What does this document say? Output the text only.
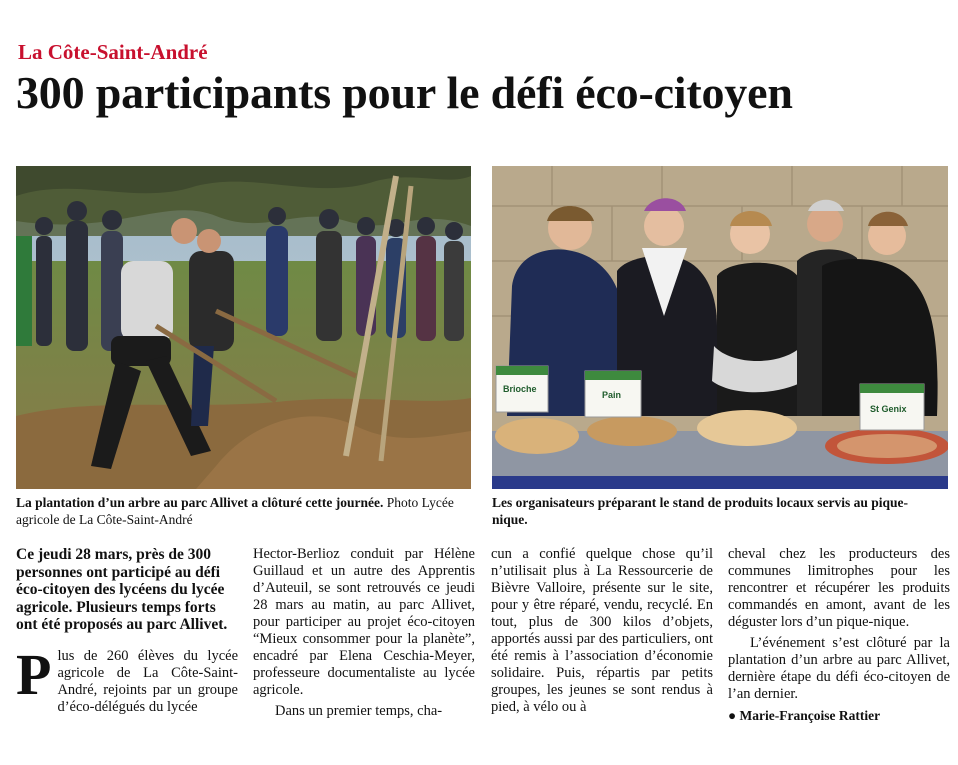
La Côte-Saint-André
300 participants pour le défi éco-citoyen
Brioche
Pain
St Genix
La plantation d’un arbre au parc Allivet a clôturé cette journée. Photo Lycée agricole de La Côte-Saint-André
Les organisateurs préparant le stand de produits locaux servis au pique-nique.

Ce jeudi 28 mars, près de 300 personnes ont participé au défi éco-citoyen des lycéens du lycée agricole. Plusieurs temps forts ont été proposés au parc Allivet.

Plus de 260 élèves du lycée agricole de La Côte-Saint-André, rejoints par un groupe d’éco-délégués du lycée

Hector-Berlioz conduit par Hélène Guillaud et un autre des Apprentis d’Auteuil, se sont retrouvés ce jeudi 28 mars au matin, au parc Allivet, pour participer au projet éco-citoyen “Mieux consommer pour la planète”, encadré par Elena Ceschia-Meyer, professeure documentaliste au lycée agricole.

Dans un premier temps, cha-

cun a confié quelque chose qu’il n’utilisait plus à La Ressourcerie de Bièvre Valloire, présente sur le site, pour y être réparé, vendu, recyclé. En tout, plus de 300 kilos d’objets, apportés aussi par des particuliers, ont été remis à l’association d’économie solidaire. Puis, répartis par petits groupes, les jeunes se sont rendus à pied, à vélo ou à

cheval chez les producteurs des communes limitrophes pour les rencontrer et récupérer les produits commandés en amont, avant de les déguster lors d’un pique-nique.

L’événement s’est clôturé par la plantation d’un arbre au parc Allivet, dernière étape du défi éco-citoyen de l’an dernier.

● Marie-Françoise Rattier
